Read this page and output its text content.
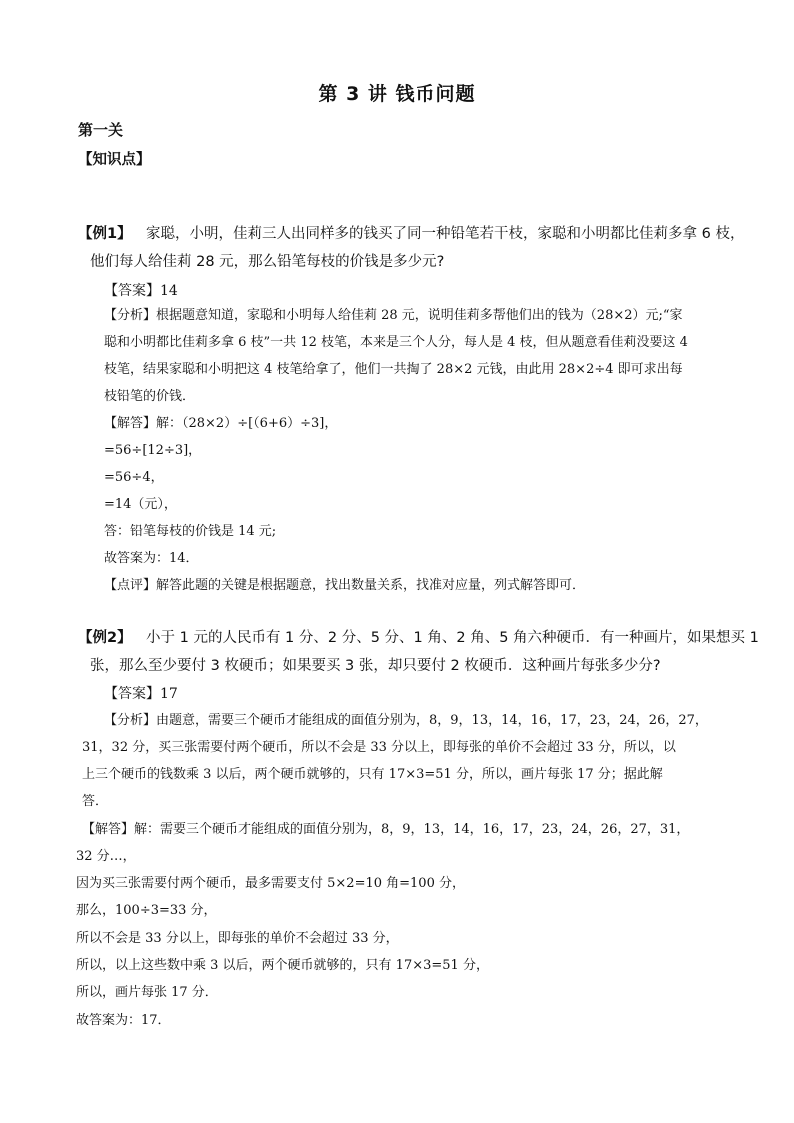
第 3 讲 钱币问题
第一关
【知识点】
【例1】 家聪，小明，佳莉三人出同样多的钱买了同一种铅笔若干枝，家聪和小明都比佳莉多拿 6 枝，
他们每人给佳莉 28 元，那么铅笔每枝的价钱是多少元?
【答案】14
【分析】根据题意知道，家聪和小明每人给佳莉 28 元，说明佳莉多帮他们出的钱为（28×2）元;“家
聪和小明都比佳莉多拿 6 枝”一共 12 枝笔，本来是三个人分，每人是 4 枝，但从题意看佳莉没要这 4
枝笔，结果家聪和小明把这 4 枝笔给拿了，他们一共掏了 28×2 元钱，由此用 28×2÷4 即可求出每
枝铅笔的价钱．
【解答】解：（28×2）÷[（6+6）÷3]，
=56÷[12÷3]，
=56÷4，
=14（元），
答：铅笔每枝的价钱是 14 元;
故答案为：14．
【点评】解答此题的关键是根据题意，找出数量关系，找准对应量，列式解答即可．
【例2】 小于 1 元的人民币有 1 分、2 分、5 分、1 角、2 角、5 角六种硬币．有一种画片，如果想买 1
张，那么至少要付 3 枚硬币；如果要买 3 张，却只要付 2 枚硬币．这种画片每张多少分?
【答案】17
【分析】由题意，需要三个硬币才能组成的面值分别为，8，9，13，14，16，17，23，24，26，27，
31，32 分，买三张需要付两个硬币，所以不会是 33 分以上，即每张的单价不会超过 33 分，所以，以
上三个硬币的钱数乘 3 以后，两个硬币就够的，只有 17×3=51 分，所以，画片每张 17 分；据此解
答．
【解答】解：需要三个硬币才能组成的面值分别为，8，9，13，14，16，17，23，24，26，27，31，
32 分…，
因为买三张需要付两个硬币，最多需要支付 5×2=10 角=100 分，
那么，100÷3=33 分，
所以不会是 33 分以上，即每张的单价不会超过 33 分，
所以，以上这些数中乘 3 以后，两个硬币就够的，只有 17×3=51 分，
所以，画片每张 17 分．
故答案为：17．
